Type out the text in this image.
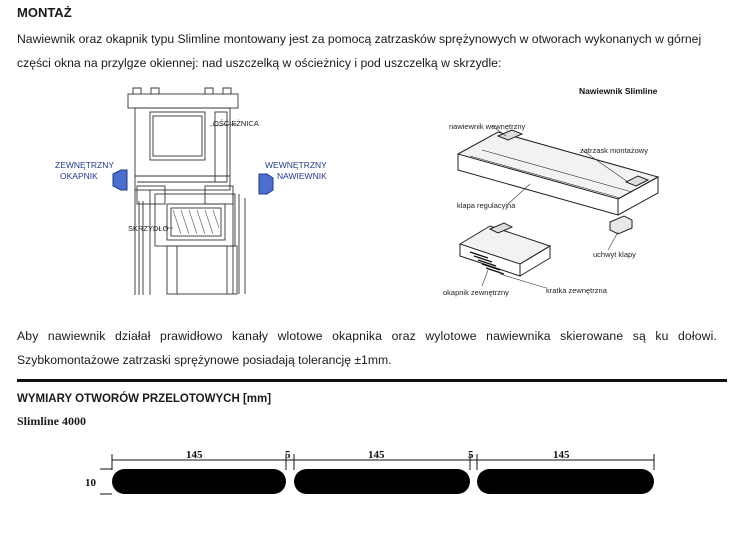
MONTAŻ
Nawiewnik oraz okapnik typu Slimline montowany jest za pomocą zatrzasków sprężynowych w otworach wykonanych w górnej
części okna na przylgze okiennej: nad uszczelką w ościeżnicy i pod uszczelką w skrzydle:
OŚCIEŻNICA
SKRZYDŁO
ZEWNĘTRZNY
OKAPNIK
WEWNĘTRZNY
NAWIEWNIK
Nawiewnik Slimline
nawiewnik wewnętrzny
zatrzask montażowy
klapa regulacyjna
uchwyt klapy
okapnik zewnętrzny	kratka zewnętrzna
Aby nawiewnik działał prawidłowo kanały wlotowe okapnika oraz wylotowe nawiewnika skierowane są ku dołowi.
Szybkomontażowe zatrzaski sprężynowe posiadają tolerancję ±1mm.
WYMIARY OTWORÓW PRZELOTOWYCH [mm]
Slimline 4000
145	5	145	5	145
10
